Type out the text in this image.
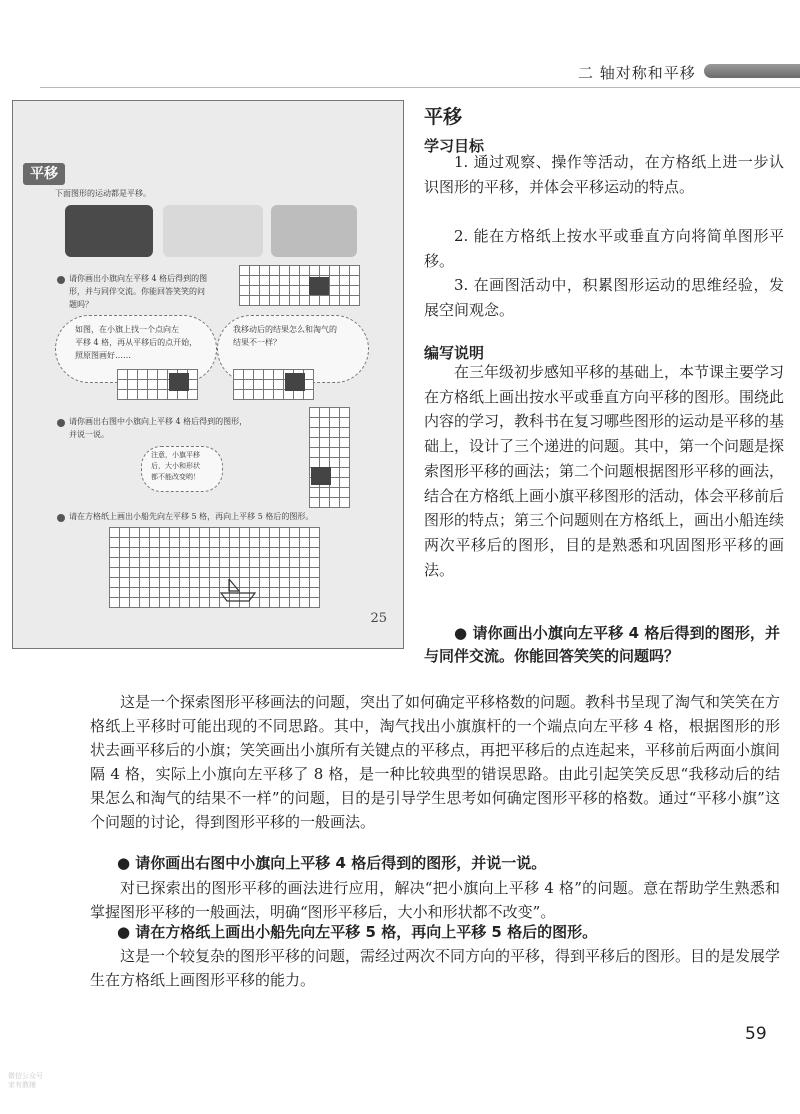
二 轴对称和平移
平移
下面图形的运动都是平移。
请你画出小旗向左平移 4 格后得到的图
形，并与同伴交流。你能回答笑笑的问
题吗？
如图，在小旗上找一个点向左
平移 4 格，再从平移后的点开始，
照原图画好……
我移动后的结果怎么和淘气的
结果不一样？
请你画出右图中小旗向上平移 4 格后得到的图形，
并说一说。
注意，小旗平移
后，大小和形状
都不能改变哟！
请在方格纸上画出小船先向左平移 5 格，再向上平移 5 格后的图形。
25
平移
学习目标
1. 通过观察、操作等活动，在方格纸上进一步认识图形的平移，并体会平移运动的特点。
2. 能在方格纸上按水平或垂直方向将简单图形平移。
3. 在画图活动中，积累图形运动的思维经验，发展空间观念。
编写说明
在三年级初步感知平移的基础上，本节课主要学习在方格纸上画出按水平或垂直方向平移的图形。围绕此内容的学习，教科书在复习哪些图形的运动是平移的基础上，设计了三个递进的问题。其中，第一个问题是探索图形平移的画法；第二个问题根据图形平移的画法，结合在方格纸上画小旗平移图形的活动，体会平移前后图形的特点；第三个问题则在方格纸上，画出小船连续两次平移后的图形，目的是熟悉和巩固图形平移的画法。
● 请你画出小旗向左平移 4 格后得到的图形，并与同伴交流。你能回答笑笑的问题吗？
这是一个探索图形平移画法的问题，突出了如何确定平移格数的问题。教科书呈现了淘气和笑笑在方格纸上平移时可能出现的不同思路。其中，淘气找出小旗旗杆的一个端点向左平移 4 格，根据图形的形状去画平移后的小旗；笑笑画出小旗所有关键点的平移点，再把平移后的点连起来，平移前后两面小旗间隔 4 格，实际上小旗向左平移了 8 格，是一种比较典型的错误思路。由此引起笑笑反思“我移动后的结果怎么和淘气的结果不一样”的问题，目的是引导学生思考如何确定图形平移的格数。通过“平移小旗”这个问题的讨论，得到图形平移的一般画法。
● 请你画出右图中小旗向上平移 4 格后得到的图形，并说一说。
对已探索出的图形平移的画法进行应用，解决“把小旗向上平移 4 格”的问题。意在帮助学生熟悉和掌握图形平移的一般画法，明确“图形平移后，大小和形状都不改变”。
● 请在方格纸上画出小船先向左平移 5 格，再向上平移 5 格后的图形。
这是一个较复杂的图形平移的问题，需经过两次不同方向的平移，得到平移后的图形。目的是发展学生在方格纸上画图形平移的能力。
59
微信公众号
家有教辅
